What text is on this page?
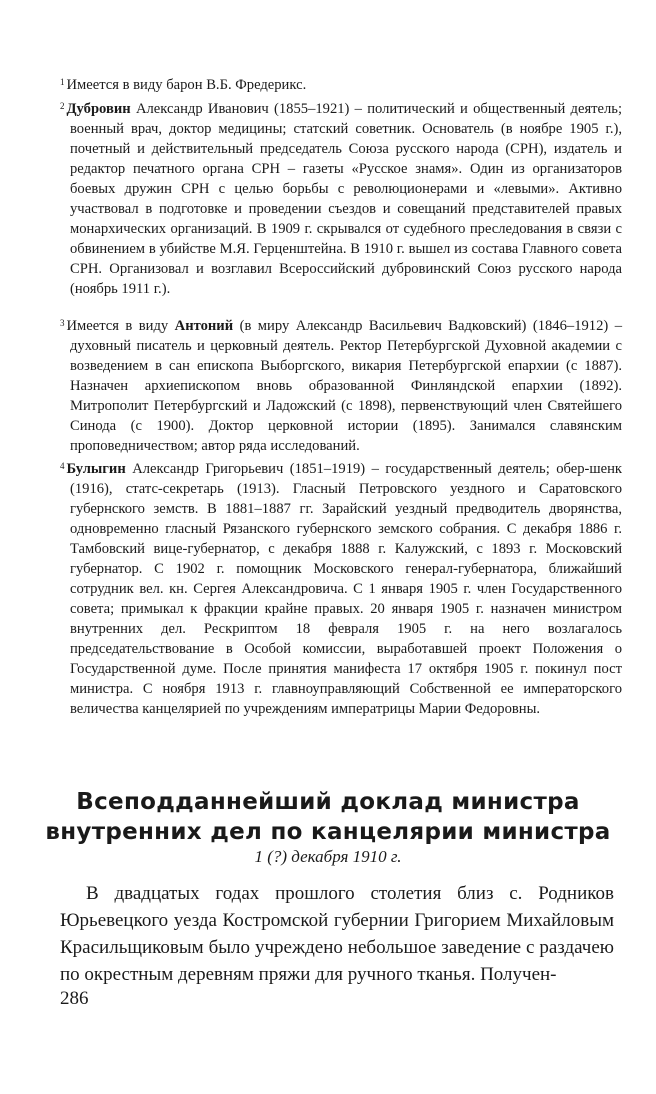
$^1$ Имеется в виду барон В.Б. Фредерикс.
$^2$ Дубровин Александр Иванович (1855–1921) – политический и общественный деятель; военный врач, доктор медицины; статский советник. Основатель (в ноябре 1905 г.), почетный и действительный председатель Союза русского народа (СРН), издатель и редактор печатного органа СРН – газеты «Русское знамя». Один из организаторов боевых дружин СРН с целью борьбы с революционерами и «левыми». Активно участвовал в подготовке и проведении съездов и совещаний представителей правых монархических организаций. В 1909 г. скрывался от судебного преследования в связи с обвинением в убийстве М.Я. Герценштейна. В 1910 г. вышел из состава Главного совета СРН. Организовал и возглавил Всероссийский дубровинский Союз русского народа (ноябрь 1911 г.).
$^3$ Имеется в виду Антоний (в миру Александр Васильевич Вадковский) (1846–1912) – духовный писатель и церковный деятель. Ректор Петербургской Духовной академии с возведением в сан епископа Выборгского, викария Петербургской епархии (с 1887). Назначен архиепископом вновь образованной Финляндской епархии (1892). Митрополит Петербургский и Ладожский (с 1898), первенствующий член Святейшего Синода (с 1900). Доктор церковной истории (1895). Занимался славянским проповедничеством; автор ряда исследований.
$^4$ Булыгин Александр Григорьевич (1851–1919) – государственный деятель; обер-шенк (1916), статс-секретарь (1913). Гласный Петровского уездного и Саратовского губернского земств. В 1881–1887 гг. Зарайский уездный предводитель дворянства, одновременно гласный Рязанского губернского земского собрания. С декабря 1886 г. Тамбовский вице-губернатор, с декабря 1888 г. Калужский, с 1893 г. Московский губернатор. С 1902 г. помощник Московского генерал-губернатора, ближайший сотрудник вел. кн. Сергея Александровича. С 1 января 1905 г. член Государственного совета; примыкал к фракции крайне правых. 20 января 1905 г. назначен министром внутренних дел. Рескриптом 18 февраля 1905 г. на него возлагалось председательствование в Особой комиссии, выработавшей проект Положения о Государственной думе. После принятия манифеста 17 октября 1905 г. покинул пост министра. С ноября 1913 г. главноуправляющий Собственной ее императорского величества канцелярией по учреждениям императрицы Марии Федоровны.
Всеподданнейший доклад министра
внутренних дел по канцелярии министра
1 (?) декабря 1910 г.
В двадцатых годах прошлого столетия близ с. Родников Юрьевецкого уезда Костромской губернии Григорием Михайловым Красильщиковым было учреждено небольшое заведение с раздачею по окрестным деревням пряжи для ручного тканья. Получен-
286
